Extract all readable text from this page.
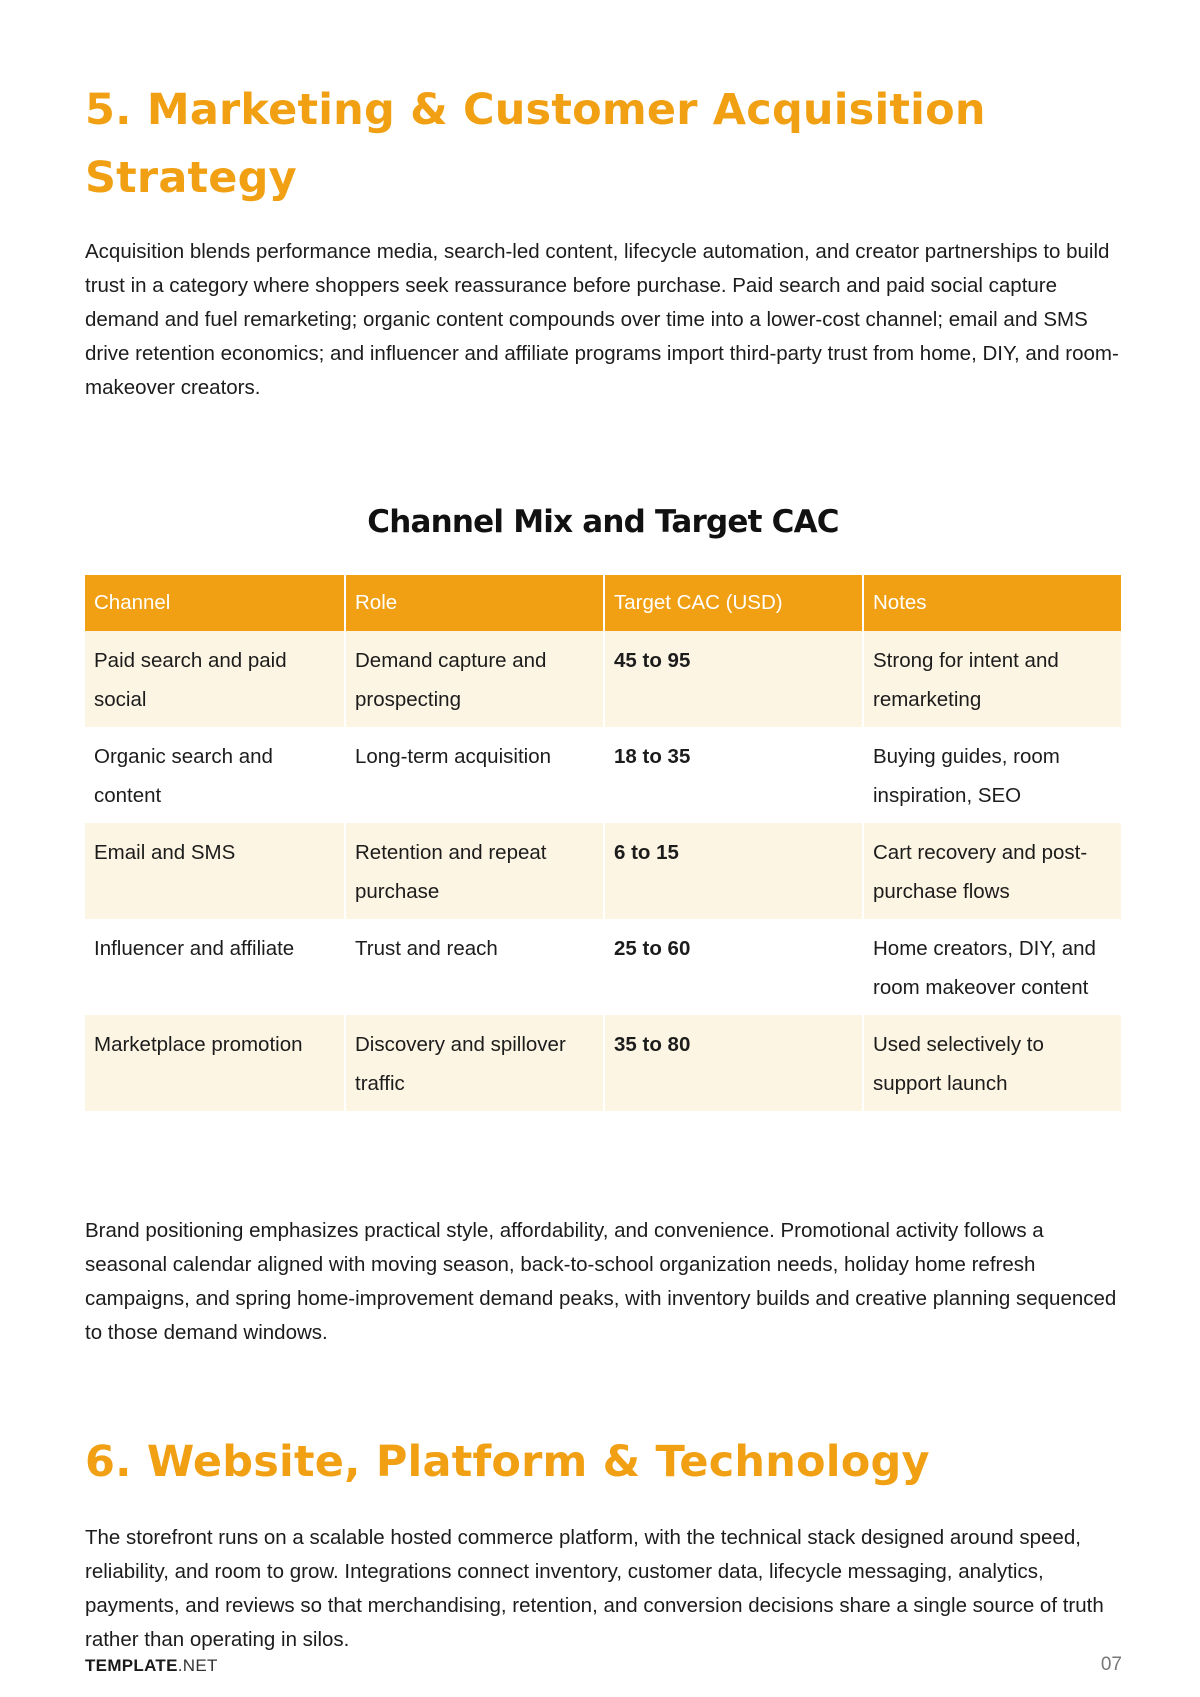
5. Marketing & Customer Acquisition Strategy

Acquisition blends performance media, search-led content, lifecycle automation, and creator partnerships to build trust in a category where shoppers seek reassurance before purchase. Paid search and paid social capture demand and fuel remarketing; organic content compounds over time into a lower-cost channel; email and SMS drive retention economics; and influencer and affiliate programs import third-party trust from home, DIY, and room-makeover creators.

Channel Mix and Target CAC
Channel	Role	Target CAC (USD)	Notes
Paid search and paid social	Demand capture and prospecting	45 to 95	Strong for intent and remarketing
Organic search and content	Long-term acquisition	18 to 35	Buying guides, room inspiration, SEO
Email and SMS	Retention and repeat purchase	6 to 15	Cart recovery and post-purchase flows
Influencer and affiliate	Trust and reach	25 to 60	Home creators, DIY, and room makeover content
Marketplace promotion	Discovery and spillover traffic	35 to 80	Used selectively to support launch

Brand positioning emphasizes practical style, affordability, and convenience. Promotional activity follows a seasonal calendar aligned with moving season, back-to-school organization needs, holiday home refresh campaigns, and spring home-improvement demand peaks, with inventory builds and creative planning sequenced to those demand windows.

6. Website, Platform & Technology

The storefront runs on a scalable hosted commerce platform, with the technical stack designed around speed, reliability, and room to grow. Integrations connect inventory, customer data, lifecycle messaging, analytics, payments, and reviews so that merchandising, retention, and conversion decisions share a single source of truth rather than operating in silos.

TEMPLATE.NET	07
